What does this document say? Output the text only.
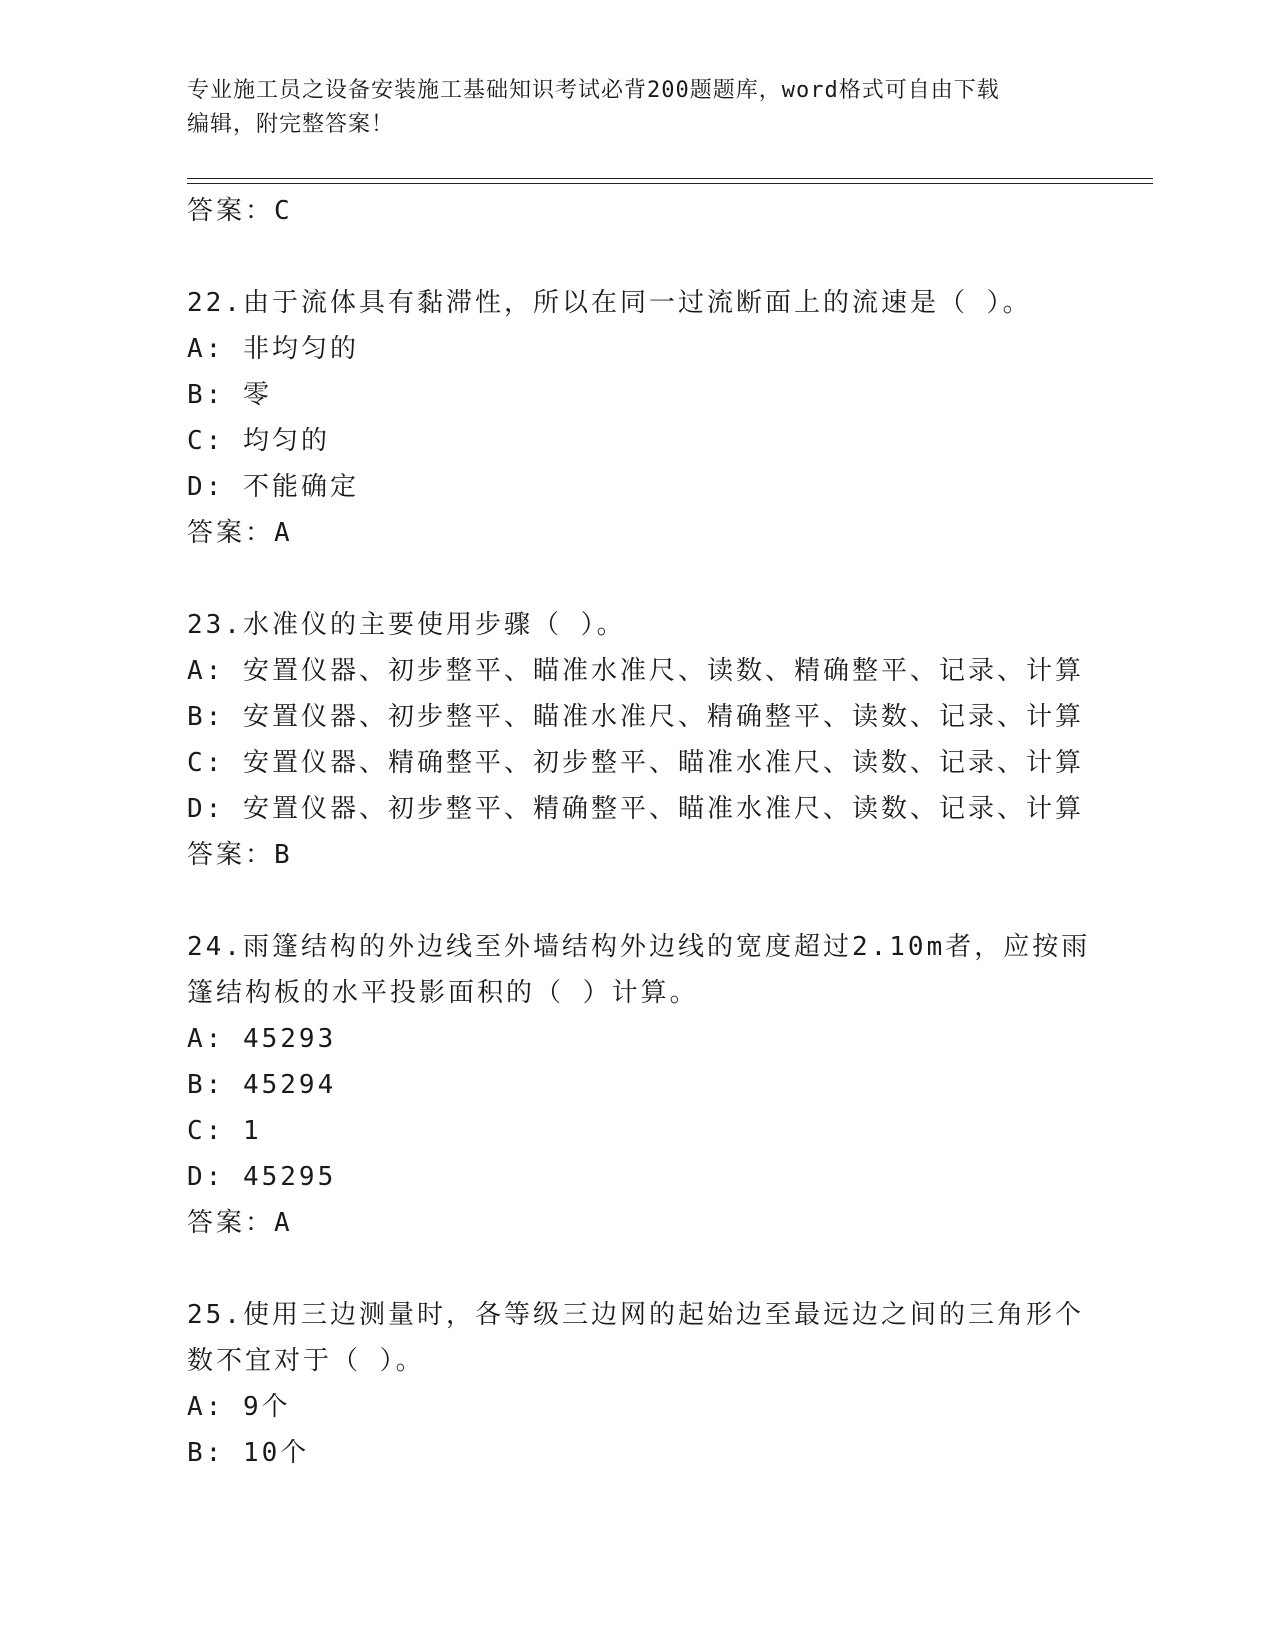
专业施工员之设备安装施工基础知识考试必背200题题库，word格式可自由下载
编辑，附完整答案！
答案：C
22.由于流体具有黏滞性，所以在同一过流断面上的流速是（ ）。
A: 非均匀的
B: 零
C: 均匀的
D: 不能确定
答案：A
23.水准仪的主要使用步骤（ ）。
A: 安置仪器、初步整平、瞄准水准尺、读数、精确整平、记录、计算
B: 安置仪器、初步整平、瞄准水准尺、精确整平、读数、记录、计算
C: 安置仪器、精确整平、初步整平、瞄准水准尺、读数、记录、计算
D: 安置仪器、初步整平、精确整平、瞄准水准尺、读数、记录、计算
答案：B
24.雨篷结构的外边线至外墙结构外边线的宽度超过2.10m者，应按雨
篷结构板的水平投影面积的（ ）计算。
A: 45293
B: 45294
C: 1
D: 45295
答案：A
25.使用三边测量时，各等级三边网的起始边至最远边之间的三角形个
数不宜对于（ ）。
A: 9个
B: 10个
